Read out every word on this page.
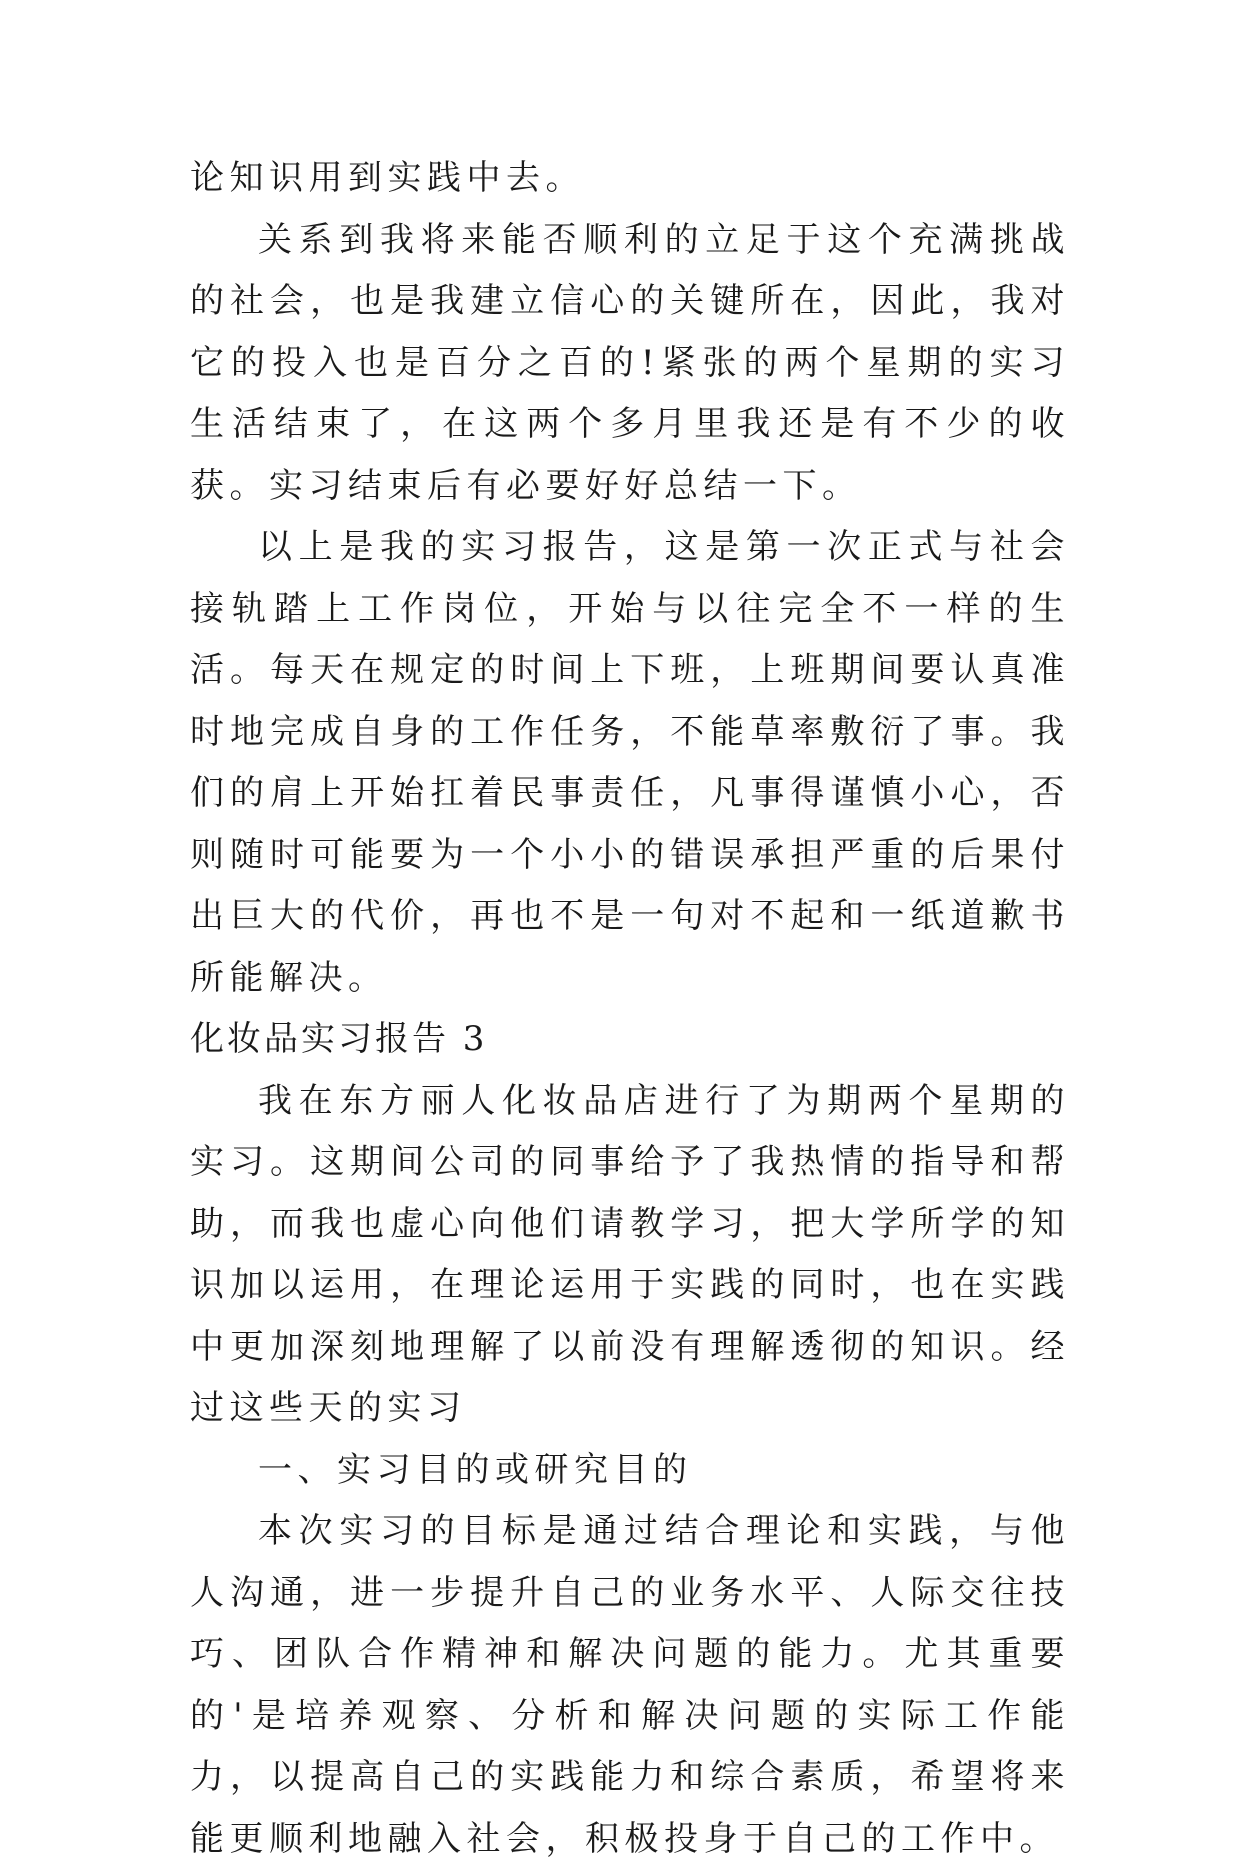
论知识用到实践中去。

关系到我将来能否顺利的立足于这个充满挑战的社会，也是我建立信心的关键所在，因此，我对它的投入也是百分之百的!紧张的两个星期的实习生活结束了，在这两个多月里我还是有不少的收获。实习结束后有必要好好总结一下。

以上是我的实习报告，这是第一次正式与社会接轨踏上工作岗位，开始与以往完全不一样的生活。每天在规定的时间上下班，上班期间要认真准时地完成自身的工作任务，不能草率敷衍了事。我们的肩上开始扛着民事责任，凡事得谨慎小心，否则随时可能要为一个小小的错误承担严重的后果付出巨大的代价，再也不是一句对不起和一纸道歉书所能解决。

化妆品实习报告 3

我在东方丽人化妆品店进行了为期两个星期的实习。这期间公司的同事给予了我热情的指导和帮助，而我也虚心向他们请教学习，把大学所学的知识加以运用，在理论运用于实践的同时，也在实践中更加深刻地理解了以前没有理解透彻的知识。经过这些天的实习

一、实习目的或研究目的

本次实习的目标是通过结合理论和实践，与他人沟通，进一步提升自己的业务水平、人际交往技巧、团队合作精神和解决问题的能力。尤其重要的'是培养观察、分析和解决问题的实际工作能力，以提高自己的实践能力和综合素质，希望将来能更顺利地融入社会，积极投身于自己的工作中。
